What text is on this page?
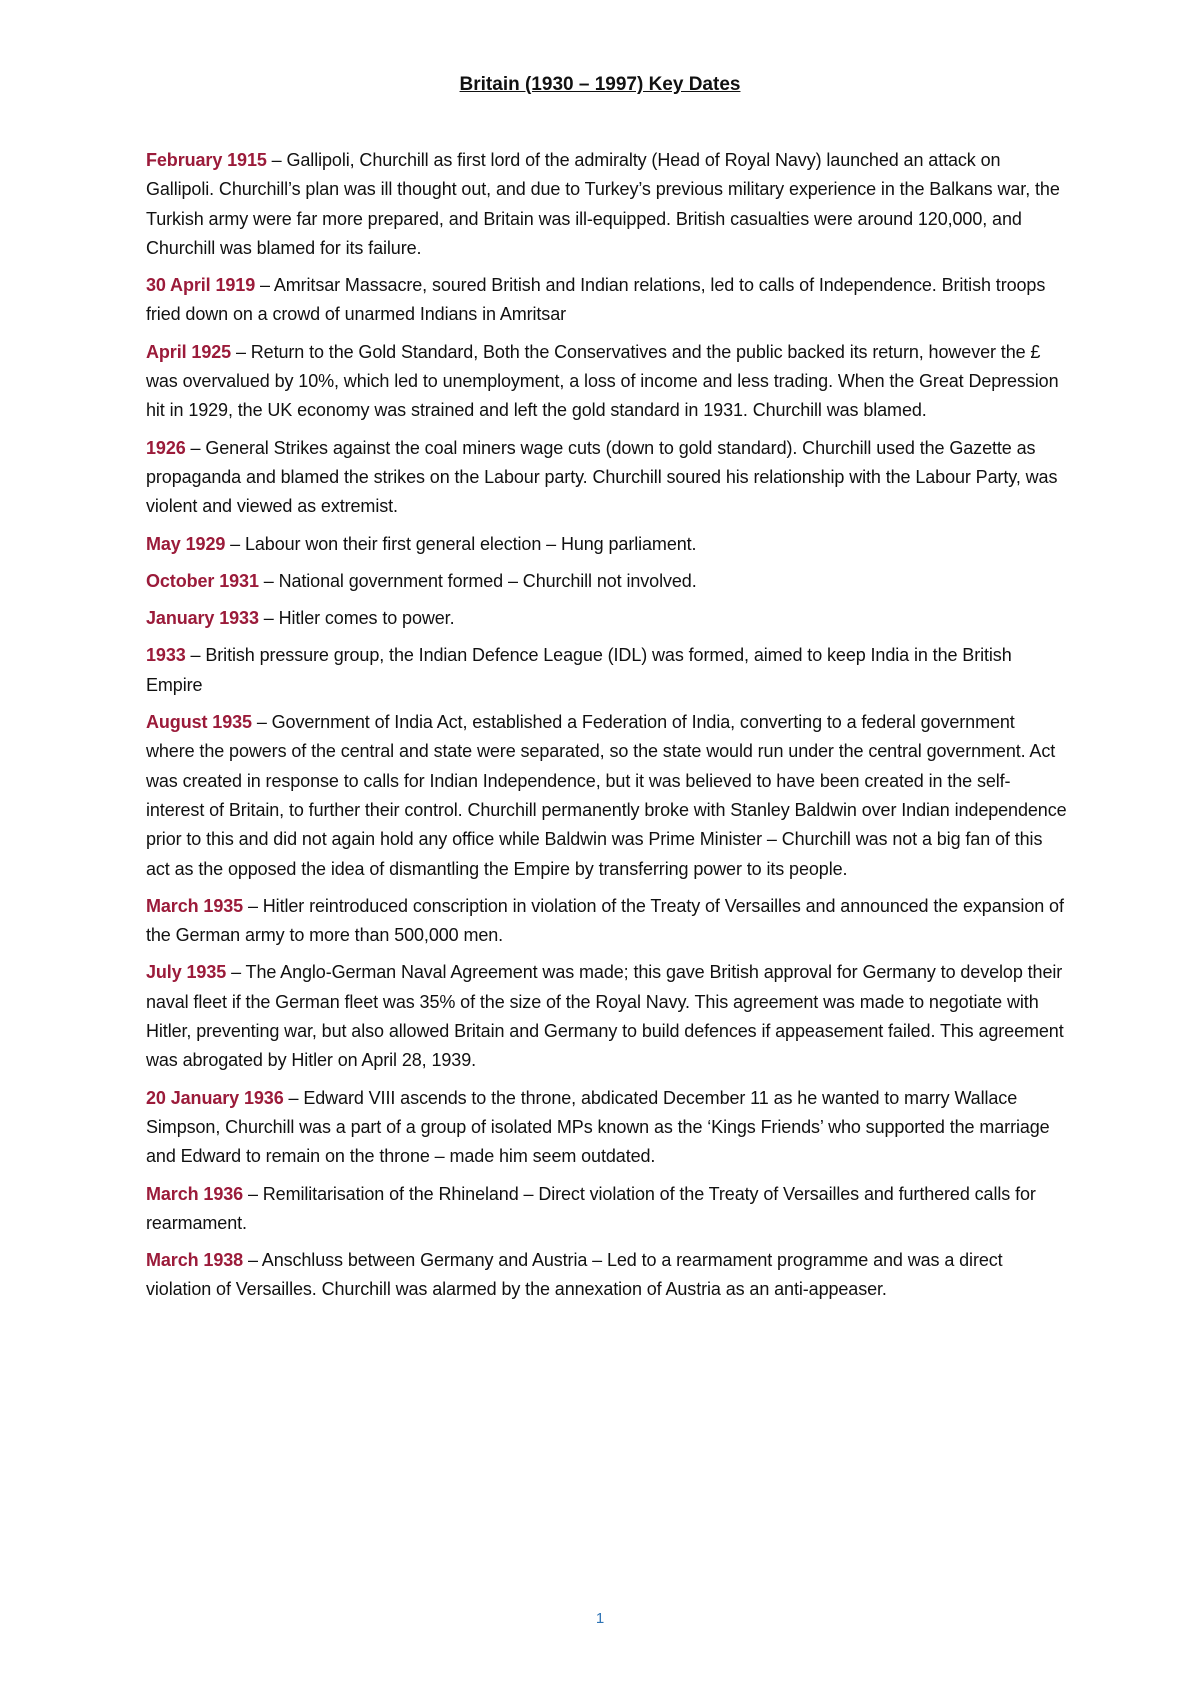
Britain (1930 – 1997) Key Dates

February 1915 – Gallipoli, Churchill as first lord of the admiralty (Head of Royal Navy) launched an attack on Gallipoli. Churchill’s plan was ill thought out, and due to Turkey’s previous military experience in the Balkans war, the Turkish army were far more prepared, and Britain was ill-equipped. British casualties were around 120,000, and Churchill was blamed for its failure.

30 April 1919 – Amritsar Massacre, soured British and Indian relations, led to calls of Independence. British troops fried down on a crowd of unarmed Indians in Amritsar

April 1925 – Return to the Gold Standard, Both the Conservatives and the public backed its return, however the £ was overvalued by 10%, which led to unemployment, a loss of income and less trading. When the Great Depression hit in 1929, the UK economy was strained and left the gold standard in 1931. Churchill was blamed.

1926 – General Strikes against the coal miners wage cuts (down to gold standard). Churchill used the Gazette as propaganda and blamed the strikes on the Labour party. Churchill soured his relationship with the Labour Party, was violent and viewed as extremist.

May 1929 – Labour won their first general election – Hung parliament.

October 1931 – National government formed – Churchill not involved.

January 1933 – Hitler comes to power.

1933 – British pressure group, the Indian Defence League (IDL) was formed, aimed to keep India in the British Empire

August 1935 – Government of India Act, established a Federation of India, converting to a federal government where the powers of the central and state were separated, so the state would run under the central government. Act was created in response to calls for Indian Independence, but it was believed to have been created in the self-interest of Britain, to further their control. Churchill permanently broke with Stanley Baldwin over Indian independence prior to this and did not again hold any office while Baldwin was Prime Minister – Churchill was not a big fan of this act as the opposed the idea of dismantling the Empire by transferring power to its people.

March 1935 – Hitler reintroduced conscription in violation of the Treaty of Versailles and announced the expansion of the German army to more than 500,000 men.

July 1935 – The Anglo-German Naval Agreement was made; this gave British approval for Germany to develop their naval fleet if the German fleet was 35% of the size of the Royal Navy. This agreement was made to negotiate with Hitler, preventing war, but also allowed Britain and Germany to build defences if appeasement failed. This agreement was abrogated by Hitler on April 28, 1939.

20 January 1936 – Edward VIII ascends to the throne, abdicated December 11 as he wanted to marry Wallace Simpson, Churchill was a part of a group of isolated MPs known as the ‘Kings Friends’ who supported the marriage and Edward to remain on the throne – made him seem outdated.

March 1936 – Remilitarisation of the Rhineland – Direct violation of the Treaty of Versailles and furthered calls for rearmament.

March 1938 – Anschluss between Germany and Austria – Led to a rearmament programme and was a direct violation of Versailles. Churchill was alarmed by the annexation of Austria as an anti-appeaser.

1
